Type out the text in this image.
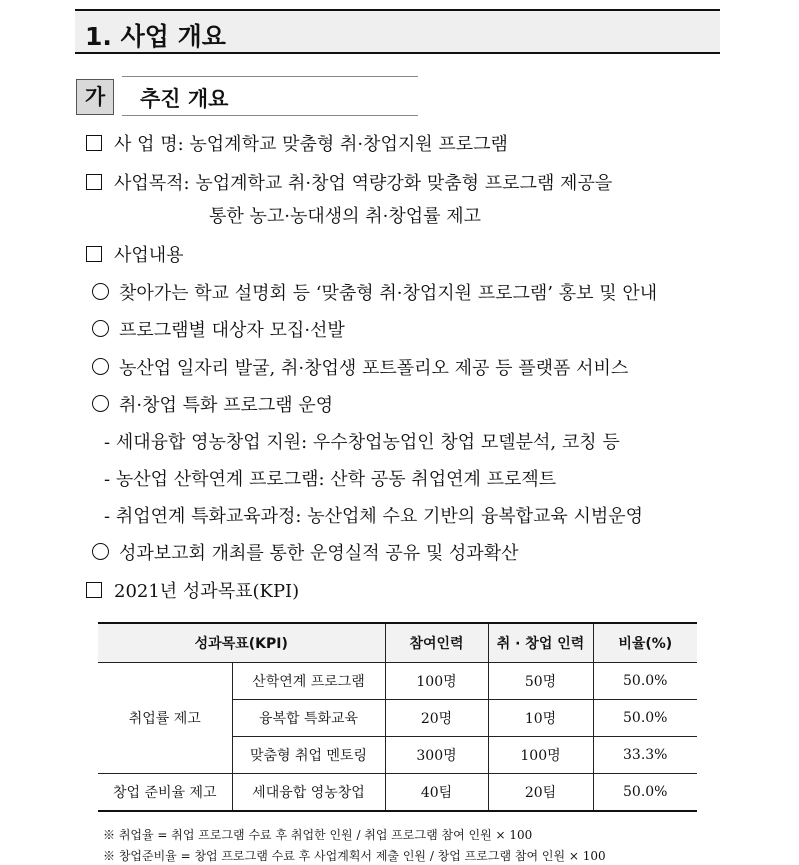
1. 사업 개요
가	추진 개요
사 업 명: 농업계학교 맞춤형 취·창업지원 프로그램
사업목적: 농업계학교 취·창업 역량강화 맞춤형 프로그램 제공을
통한 농고·농대생의 취·창업률 제고
사업내용
찾아가는 학교 설명회 등 ‘맞춤형 취·창업지원 프로그램’ 홍보 및 안내
프로그램별 대상자 모집·선발
농산업 일자리 발굴, 취·창업생 포트폴리오 제공 등 플랫폼 서비스
취·창업 특화 프로그램 운영
- 세대융합 영농창업 지원: 우수창업농업인 창업 모델분석, 코칭 등
- 농산업 산학연계 프로그램: 산학 공동 취업연계 프로젝트
- 취업연계 특화교육과정: 농산업체 수요 기반의 융복합교육 시범운영
성과보고회 개최를 통한 운영실적 공유 및 성과확산
2021년 성과목표(KPI)
성과목표(KPI)		참여인력	취 · 창업 인력	비율(%)
취업률 제고	산학연계 프로그램	100명	50명	50.0%
	융복합 특화교육	20명	10명	50.0%
	맞춤형 취업 멘토링	300명	100명	33.3%
창업 준비율 제고	세대융합 영농창업	40팀	20팀	50.0%
※ 취업율 = 취업 프로그램 수료 후 취업한 인원 / 취업 프로그램 참여 인원 × 100
※ 창업준비율 = 창업 프로그램 수료 후 사업계획서 제출 인원 / 창업 프로그램 참여 인원 × 100
